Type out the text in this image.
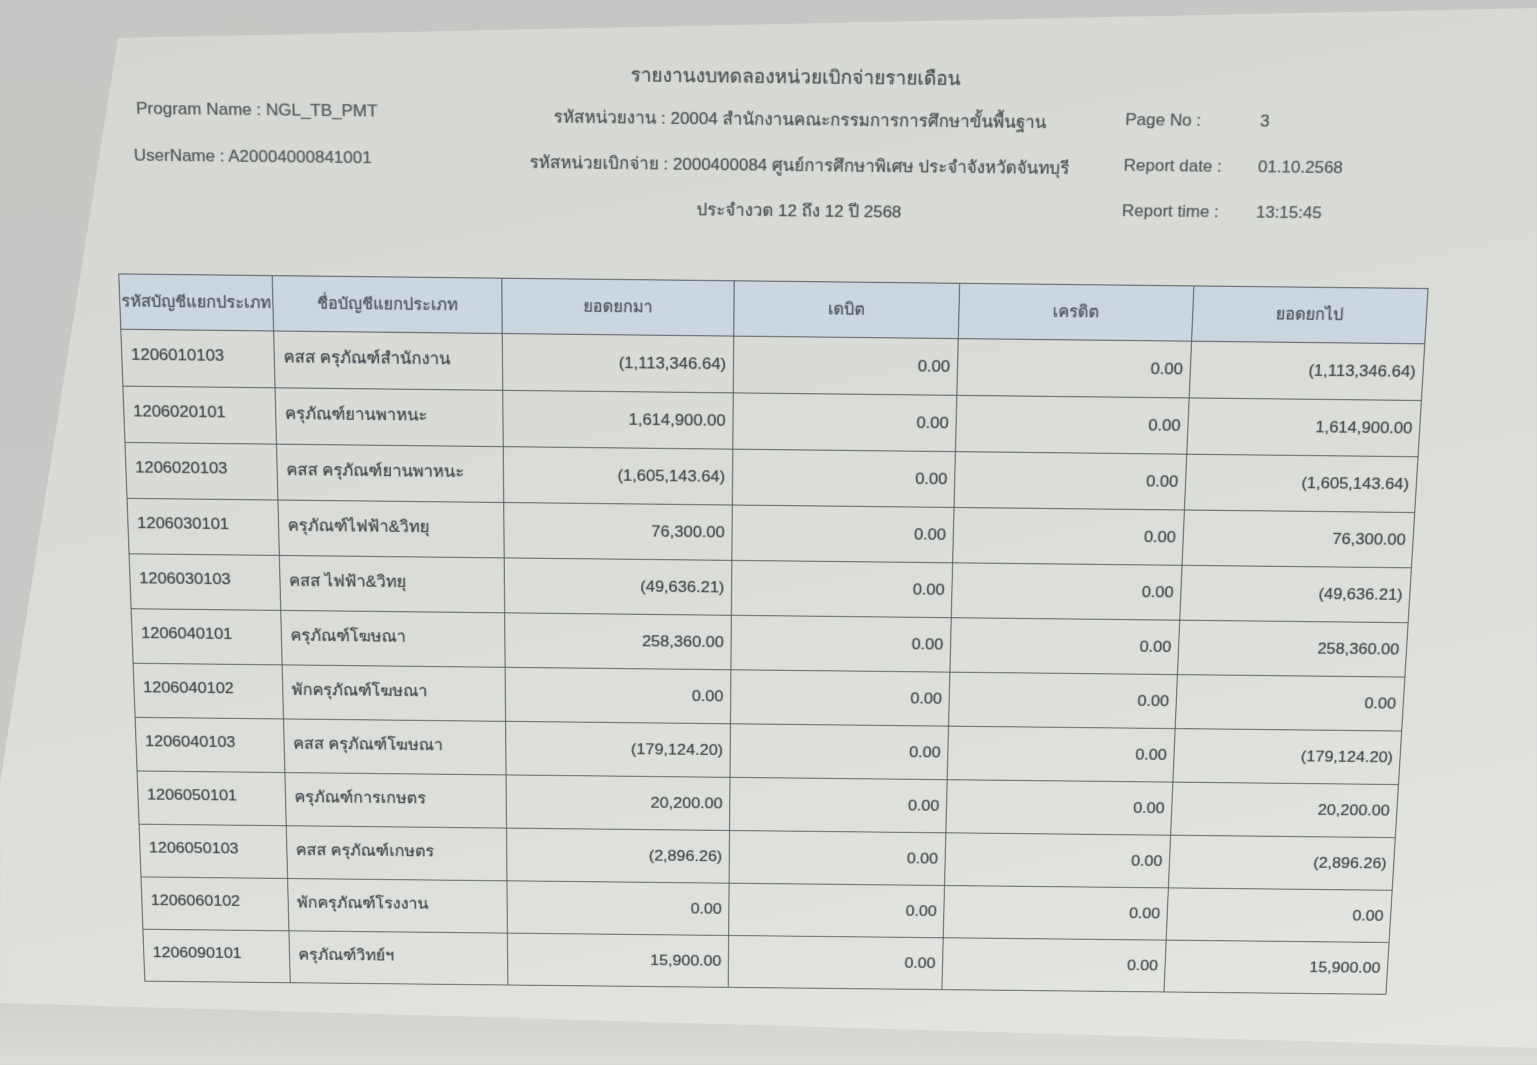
รายงานงบทดลองหน่วยเบิกจ่ายรายเดือน
Program Name : NGL_TB_PMT
UserName : A20004000841001
รหัสหน่วยงาน : 20004 สำนักงานคณะกรรมการการศึกษาขั้นพื้นฐาน
รหัสหน่วยเบิกจ่าย : 2000400084 ศูนย์การศึกษาพิเศษ ประจำจังหวัดจันทบุรี
ประจำงวด 12 ถึง 12 ปี 2568
Page No :	3
Report date : 01.10.2568
Report time : 13:15:45
รหัสบัญชีแยกประเภท	ชื่อบัญชีแยกประเภท	ยอดยกมา	เดบิต	เครดิต	ยอดยกไป
1206010103	คสส ครุภัณฑ์สำนักงาน	(1,113,346.64)	0.00	0.00	(1,113,346.64)
1206020101	ครุภัณฑ์ยานพาหนะ	1,614,900.00	0.00	0.00	1,614,900.00
1206020103	คสส ครุภัณฑ์ยานพาหนะ	(1,605,143.64)	0.00	0.00	(1,605,143.64)
1206030101	ครุภัณฑ์ไฟฟ้า&วิทยุ	76,300.00	0.00	0.00	76,300.00
1206030103	คสส ไฟฟ้า&วิทยุ	(49,636.21)	0.00	0.00	(49,636.21)
1206040101	ครุภัณฑ์โฆษณา	258,360.00	0.00	0.00	258,360.00
1206040102	พักครุภัณฑ์โฆษณา	0.00	0.00	0.00	0.00
1206040103	คสส ครุภัณฑ์โฆษณา	(179,124.20)	0.00	0.00	(179,124.20)
1206050101	ครุภัณฑ์การเกษตร	20,200.00	0.00	0.00	20,200.00
1206050103	คสส ครุภัณฑ์เกษตร	(2,896.26)	0.00	0.00	(2,896.26)
1206060102	พักครุภัณฑ์โรงงาน	0.00	0.00	0.00	0.00
1206090101	ครุภัณฑ์วิทย์ฯ	15,900.00	0.00	0.00	15,900.00
